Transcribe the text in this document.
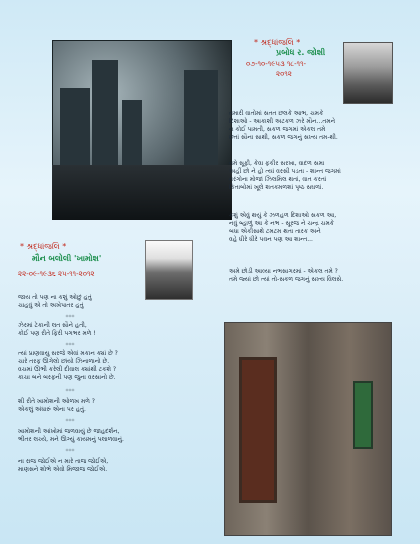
* શ્રદ્ધાંજલિ *
પ્રબોધ ર. જોશી
૦૭-૧૦-૧૯૫૩ ૧૮-૧૧-
૨૦૧૨
તમારી વાતોમાં સતત છલકે આભ, ચમકે
દિશાઓ - આકાશી અટકળ ઝરે મૌન...તમને
ન કોઈ પામતી, સકળ જગમાં એકલ તમે
છતાં સૌના સાથી, સકળ જગનું સખ્ય તમ-થી.
તમે સૂફી, કેવા ફકીર સરખા, વાદળ સમા
અહીં છો ને હો ત્યાં વરસી પડતા - શાન્ત જગમાં
તરંગોના મોજાં ઝિલમિલ થતાં, વાત કરતાં
કિતાબોમાં ખૂલે શતકમળશાં પૃષ્ઠ સઘળાં.
કશું એવું થયું કે ઝળહળ દિશાઓ સકળ આ,
નવું બ્હાળું આ કે નભ - સૂરજ ને ચન્દ્ર ચમકે
બધા એકીસાથે ટમટમ થતા તારક અને
વહે ધીરે ધીરે પવન પણ આ શાન્ત...
અમે છોડી આવ્યા નભસાગરમાં - એકલ તમે ?
તમે જ્યાં છો ત્યાં તો-સકળ જગનું સખ્ય વિલસે.
* શ્રદ્ધાંજલિ *
મૌન બલોલી 'ખામોશ'
૨૨-૦૯-૧૯૩૬ ૨૫-૧૧-૨૦૧૨
જાય તો પણ ના કશું ઓછું હતું
ચાહવું એ તો અખેપાતર હતું
***
ઝેરમાં ટેકાની લત સૌને હતી,
કોઈ પણ રીતે ફિરી પગભર મળે !
***
ત્યાં પ્રાણવાયુ સરજે એવાં મકાન ક્યાં છે ?
ચારે તરફ ઊગેલો છાંયો ઝિનાળાનો છે.
વચમાં ઊભી કરેલી દીવાલ ક્યાંથી ટકશે ?
કાચા બને બરફની પણ જુના વરસાનો છે.
***
શી રીતે ખામોશની ઓળખ મળે ?
એકલું અંધારું એના પર હતું.
***
ખામોશની આંખોમાં જળવાયું છે જાહદર્શન,
ભીતર લચ્યે, મને ઊગ્યું કાયમનું પલાળવાનું.
***
ના રાજ જોઈએ ન મારે તાજ જોઈએ,
માણસને શોભે એવો મિજાજ જોઈએ.
